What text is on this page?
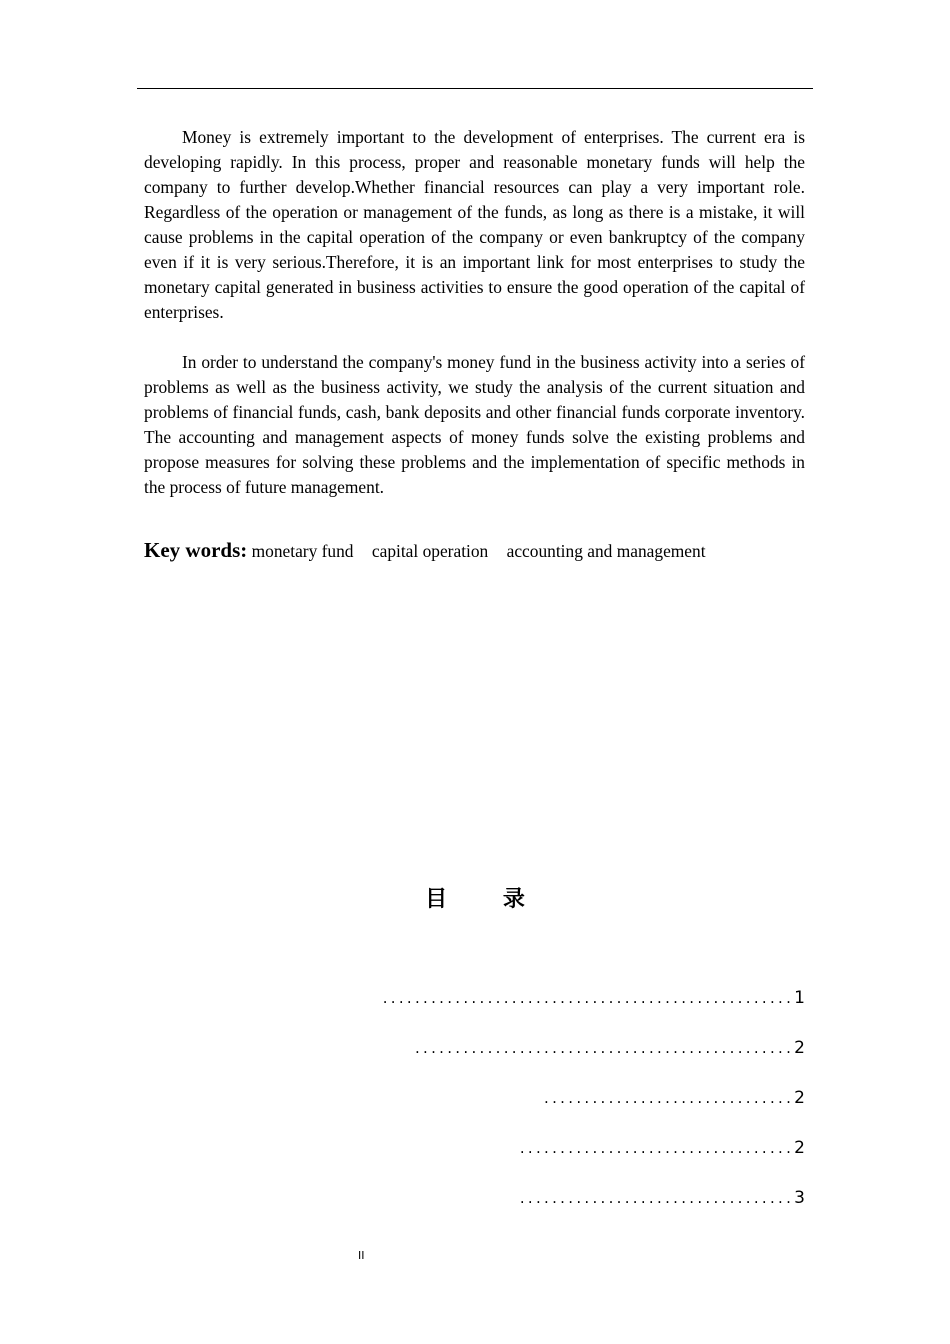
Money is extremely important to the development of enterprises. The current era is developing rapidly. In this process, proper and reasonable monetary funds will help the company to further develop.Whether financial resources can play a very important role. Regardless of the operation or management of the funds, as long as there is a mistake, it will cause problems in the capital operation of the company or even bankruptcy of the company even if it is very serious.Therefore, it is an important link for most enterprises to study the monetary capital generated in business activities to ensure the good operation of the capital of enterprises.

In order to understand the company's money fund in the business activity into a series of problems as well as the business activity, we study the analysis of the current situation and problems of financial funds, cash, bank deposits and other financial funds corporate inventory. The accounting and management aspects of money funds solve the existing problems and propose measures for solving these problems and the implementation of specific methods in the process of future management.

Key words: monetary fund capital operation accounting and management
目 录
...................................................1
...............................................2
...............................2
..................................2
..................................3
II
